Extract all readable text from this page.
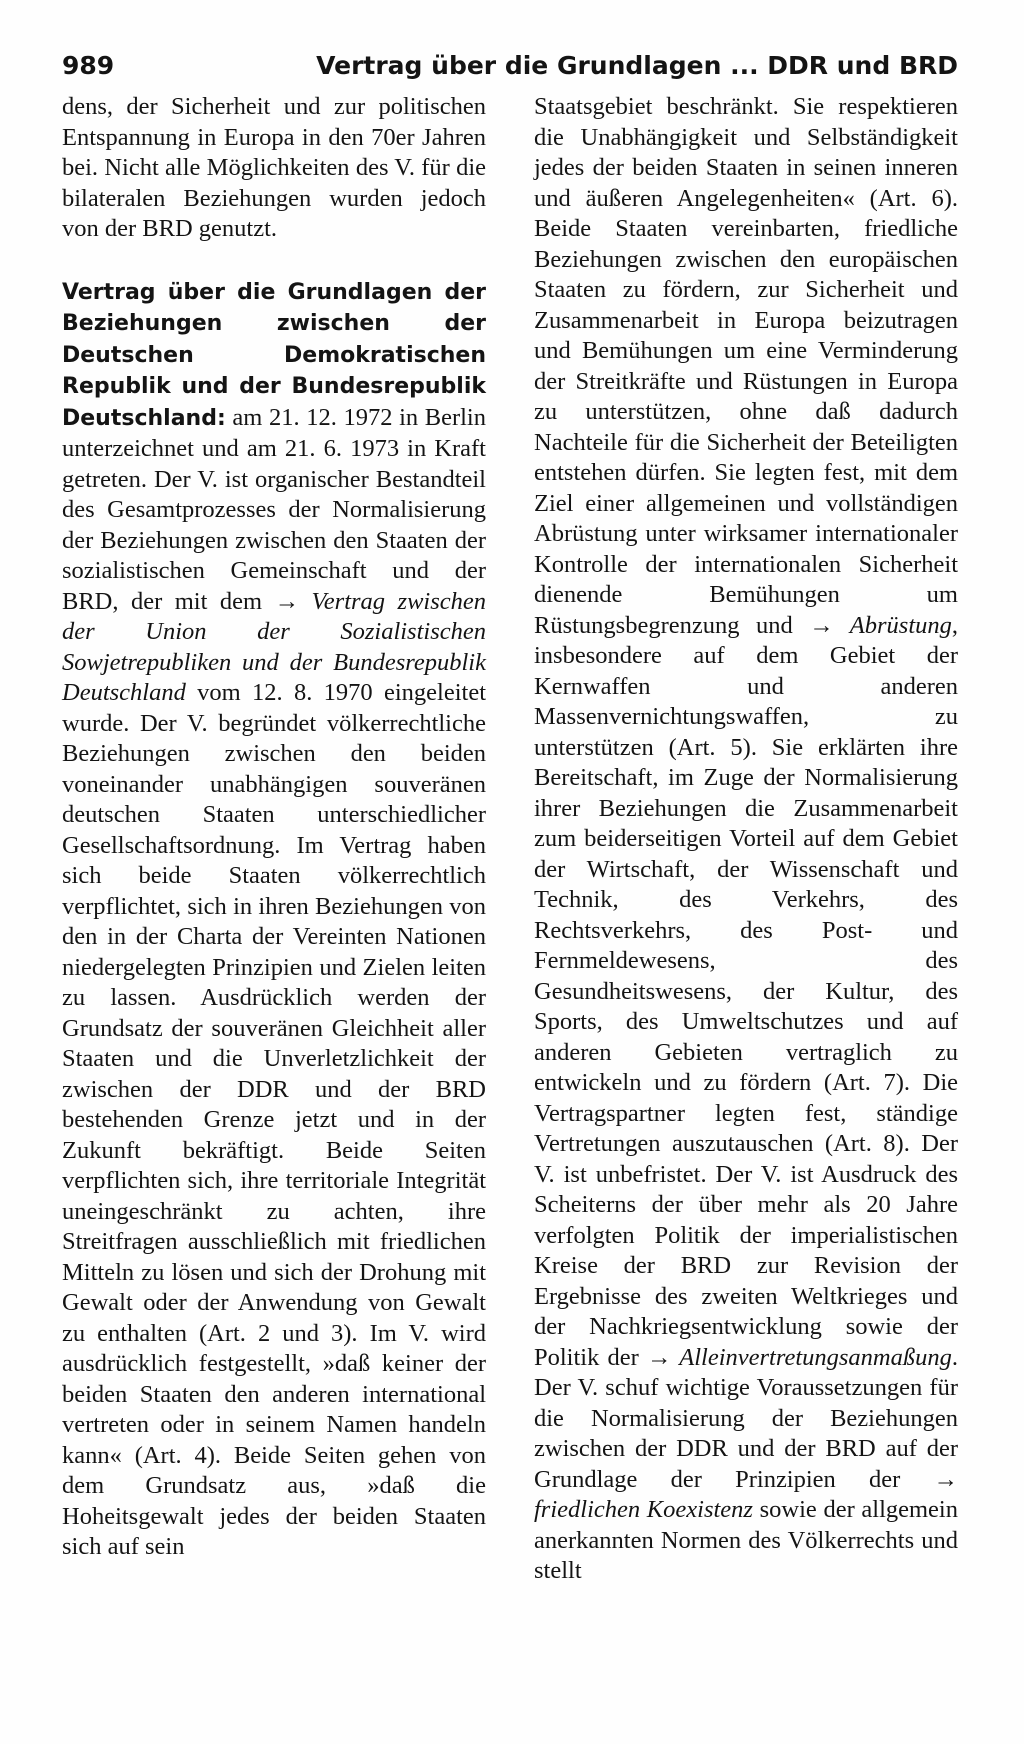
989	Vertrag über die Grundlagen ... DDR und BRD

dens, der Sicherheit und zur politischen Entspannung in Europa in den 70er Jahren bei. Nicht alle Möglichkeiten des V. für die bilateralen Beziehungen wurden jedoch von der BRD genutzt.

Vertrag über die Grundlagen der Beziehungen zwischen der Deutschen Demokratischen Republik und der Bundesrepublik Deutschland: am 21. 12. 1972 in Berlin unterzeichnet und am 21. 6. 1973 in Kraft getreten. Der V. ist organischer Bestandteil des Gesamtprozesses der Normalisierung der Beziehungen zwischen den Staaten der sozialistischen Gemeinschaft und der BRD, der mit dem → Vertrag zwischen der Union der Sozialistischen Sowjetrepubliken und der Bundesrepublik Deutschland vom 12. 8. 1970 eingeleitet wurde. Der V. begründet völkerrechtliche Beziehungen zwischen den beiden voneinander unabhängigen souveränen deutschen Staaten unterschiedlicher Gesellschaftsordnung. Im Vertrag haben sich beide Staaten völkerrechtlich verpflichtet, sich in ihren Beziehungen von den in der Charta der Vereinten Nationen niedergelegten Prinzipien und Zielen leiten zu lassen. Ausdrücklich werden der Grundsatz der souveränen Gleichheit aller Staaten und die Unverletzlichkeit der zwischen der DDR und der BRD bestehenden Grenze jetzt und in der Zukunft bekräftigt. Beide Seiten verpflichten sich, ihre territoriale Integrität uneingeschränkt zu achten, ihre Streitfragen ausschließlich mit friedlichen Mitteln zu lösen und sich der Drohung mit Gewalt oder der Anwendung von Gewalt zu enthalten (Art. 2 und 3). Im V. wird ausdrücklich festgestellt, »daß keiner der beiden Staaten den anderen international vertreten oder in seinem Namen handeln kann« (Art. 4). Beide Seiten gehen von dem Grundsatz aus, »daß die Hoheitsgewalt jedes der beiden Staaten sich auf sein

Staatsgebiet beschränkt. Sie respektieren die Unabhängigkeit und Selbständigkeit jedes der beiden Staaten in seinen inneren und äußeren Angelegenheiten« (Art. 6). Beide Staaten vereinbarten, friedliche Beziehungen zwischen den europäischen Staaten zu fördern, zur Sicherheit und Zusammenarbeit in Europa beizutragen und Bemühungen um eine Verminderung der Streitkräfte und Rüstungen in Europa zu unterstützen, ohne daß dadurch Nachteile für die Sicherheit der Beteiligten entstehen dürfen. Sie legten fest, mit dem Ziel einer allgemeinen und vollständigen Abrüstung unter wirksamer internationaler Kontrolle der internationalen Sicherheit dienende Bemühungen um Rüstungsbegrenzung und → Abrüstung, insbesondere auf dem Gebiet der Kernwaffen und anderen Massenvernichtungswaffen, zu unterstützen (Art. 5). Sie erklärten ihre Bereitschaft, im Zuge der Normalisierung ihrer Beziehungen die Zusammenarbeit zum beiderseitigen Vorteil auf dem Gebiet der Wirtschaft, der Wissenschaft und Technik, des Verkehrs, des Rechtsverkehrs, des Post- und Fernmeldewesens, des Gesundheitswesens, der Kultur, des Sports, des Umweltschutzes und auf anderen Gebieten vertraglich zu entwickeln und zu fördern (Art. 7). Die Vertragspartner legten fest, ständige Vertretungen auszutauschen (Art. 8). Der V. ist unbefristet. Der V. ist Ausdruck des Scheiterns der über mehr als 20 Jahre verfolgten Politik der imperialistischen Kreise der BRD zur Revision der Ergebnisse des zweiten Weltkrieges und der Nachkriegsentwicklung sowie der Politik der → Alleinvertretungsanmaßung. Der V. schuf wichtige Voraussetzungen für die Normalisierung der Beziehungen zwischen der DDR und der BRD auf der Grundlage der Prinzipien der → friedlichen Koexistenz sowie der allgemein anerkannten Normen des Völkerrechts und stellt
